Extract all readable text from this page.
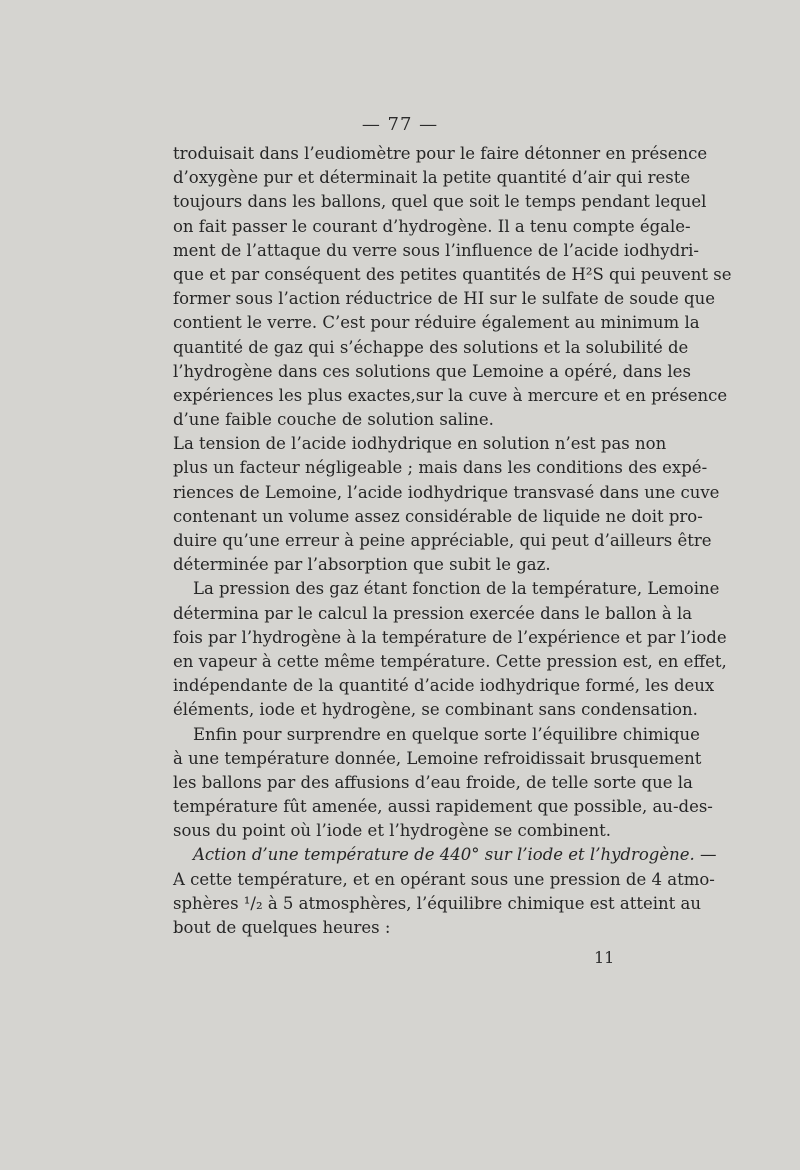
— 77 —
troduisait dans l’eudiomètre pour le faire détonner en présence
d’oxygène pur et déterminait la petite quantité d’air qui reste
toujours dans les ballons, quel que soit le temps pendant lequel
on fait passer le courant d’hydrogène. Il a tenu compte égale-
ment de l’attaque du verre sous l’influence de l’acide iodhydri-
que et par conséquent des petites quantités de H²S qui peuvent se
former sous l’action réductrice de HI sur le sulfate de soude que
contient le verre. C’est pour réduire également au minimum la
quantité de gaz qui s’échappe des solutions et la solubilité de
l’hydrogène dans ces solutions que Lemoine a opéré, dans les
expériences les plus exactes,sur la cuve à mercure et en présence
d’une faible couche de solution saline.
La tension de l’acide iodhydrique en solution n’est pas non
plus un facteur négligeable ; mais dans les conditions des expé-
riences de Lemoine, l’acide iodhydrique transvasé dans une cuve
contenant un volume assez considérable de liquide ne doit pro-
duire qu’une erreur à peine appréciable, qui peut d’ailleurs être
déterminée par l’absorption que subit le gaz.
La pression des gaz étant fonction de la température, Lemoine
détermina par le calcul la pression exercée dans le ballon à la
fois par l’hydrogène à la température de l’expérience et par l’iode
en vapeur à cette même température. Cette pression est, en effet,
indépendante de la quantité d’acide iodhydrique formé, les deux
éléments, iode et hydrogène, se combinant sans condensation.
Enfin pour surprendre en quelque sorte l’équilibre chimique
à une température donnée, Lemoine refroidissait brusquement
les ballons par des affusions d’eau froide, de telle sorte que la
température fût amenée, aussi rapidement que possible, au-des-
sous du point où l’iode et l’hydrogène se combinent.
Action d’une température de 440° sur l’iode et l’hydrogène. —
A cette température, et en opérant sous une pression de 4 atmo-
sphères ¹/₂ à 5 atmosphères, l’équilibre chimique est atteint au
bout de quelques heures :
11
